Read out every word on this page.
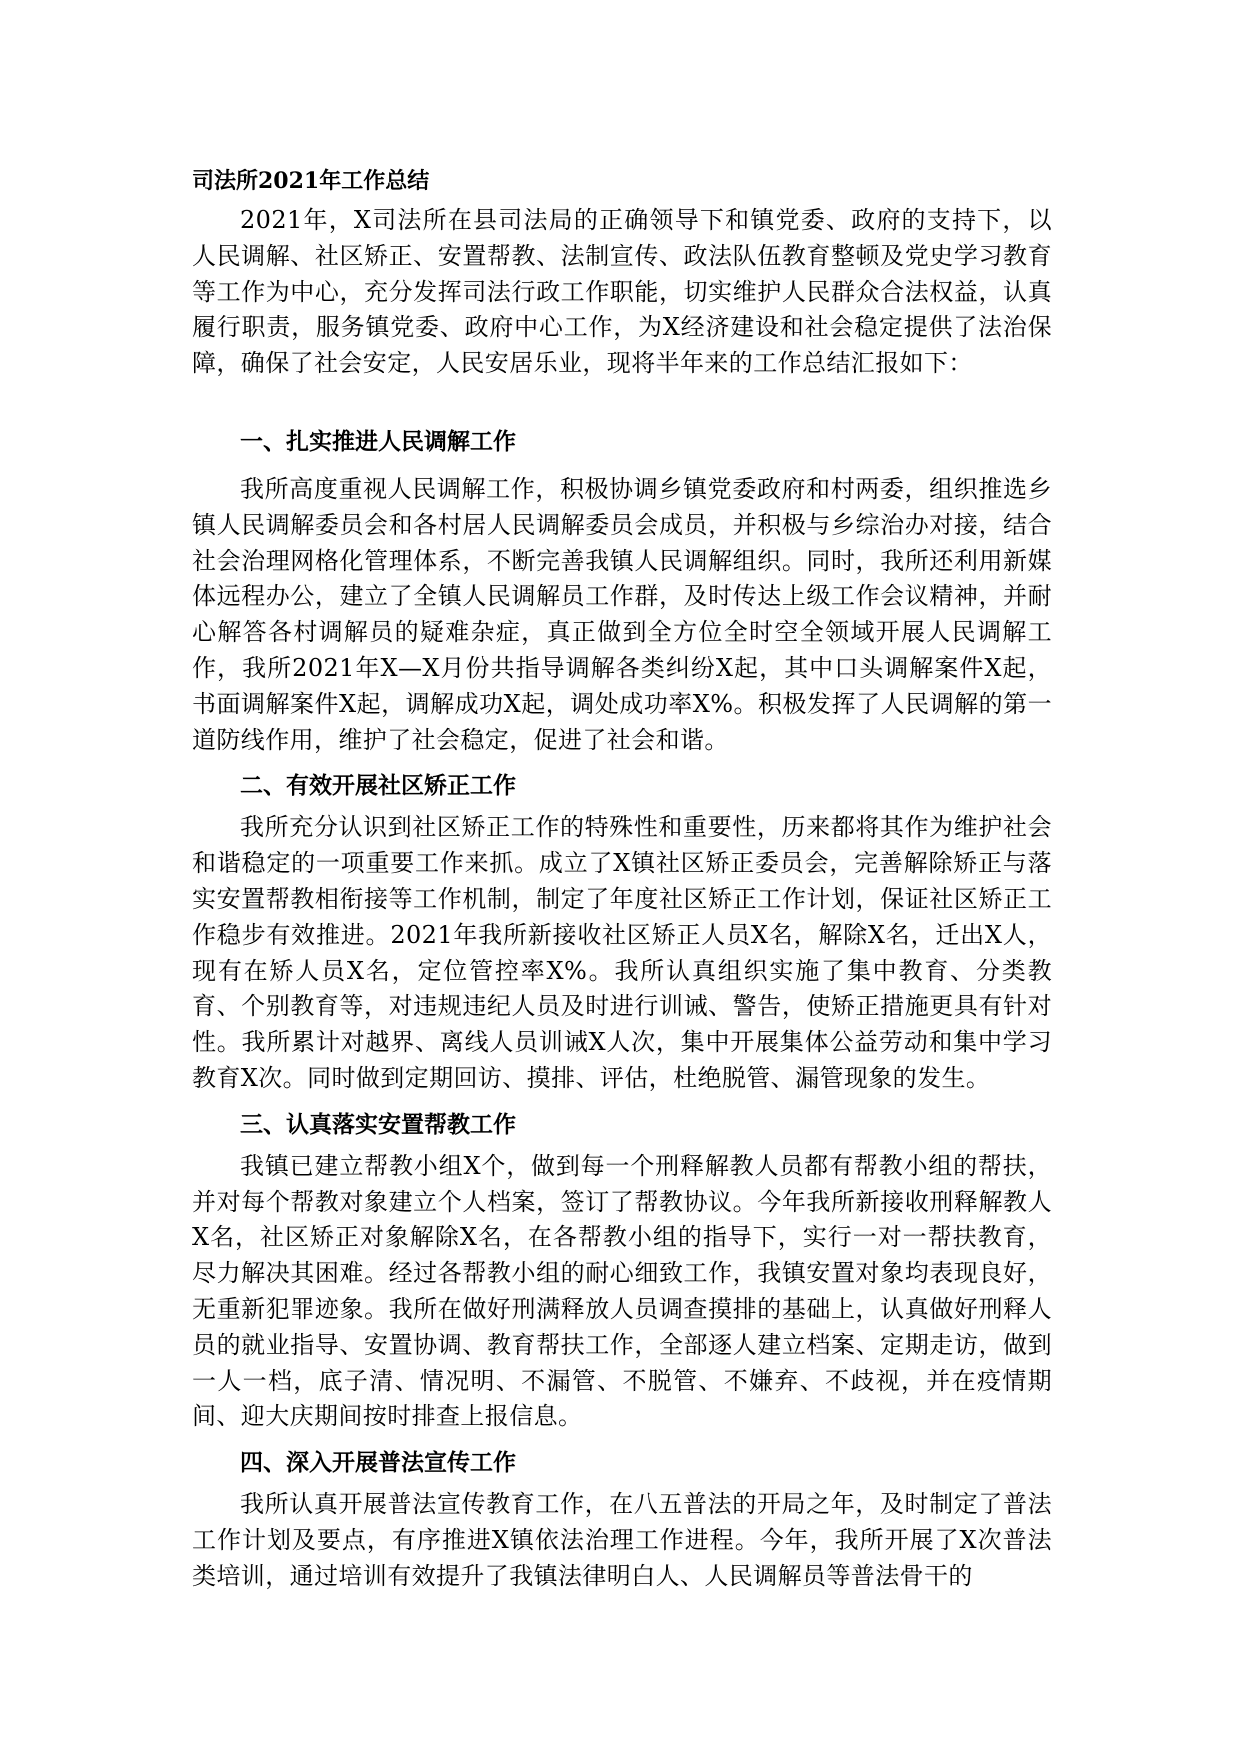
司法所2021年工作总结

2021年，X司法所在县司法局的正确领导下和镇党委、政府的支持下，以人民调解、社区矫正、安置帮教、法制宣传、政法队伍教育整顿及党史学习教育等工作为中心，充分发挥司法行政工作职能，切实维护人民群众合法权益，认真履行职责，服务镇党委、政府中心工作，为X经济建设和社会稳定提供了法治保障，确保了社会安定，人民安居乐业，现将半年来的工作总结汇报如下：

一、扎实推进人民调解工作

我所高度重视人民调解工作，积极协调乡镇党委政府和村两委，组织推选乡镇人民调解委员会和各村居人民调解委员会成员，并积极与乡综治办对接，结合社会治理网格化管理体系，不断完善我镇人民调解组织。同时，我所还利用新媒体远程办公，建立了全镇人民调解员工作群，及时传达上级工作会议精神，并耐心解答各村调解员的疑难杂症，真正做到全方位全时空全领域开展人民调解工作，我所2021年X—X月份共指导调解各类纠纷X起，其中口头调解案件X起，书面调解案件X起，调解成功X起，调处成功率X%。积极发挥了人民调解的第一道防线作用，维护了社会稳定，促进了社会和谐。

二、有效开展社区矫正工作

我所充分认识到社区矫正工作的特殊性和重要性，历来都将其作为维护社会和谐稳定的一项重要工作来抓。成立了X镇社区矫正委员会，完善解除矫正与落实安置帮教相衔接等工作机制，制定了年度社区矫正工作计划，保证社区矫正工作稳步有效推进。2021年我所新接收社区矫正人员X名，解除X名，迁出X人，现有在矫人员X名，定位管控率X%。我所认真组织实施了集中教育、分类教育、个别教育等，对违规违纪人员及时进行训诫、警告，使矫正措施更具有针对性。我所累计对越界、离线人员训诫X人次，集中开展集体公益劳动和集中学习教育X次。同时做到定期回访、摸排、评估，杜绝脱管、漏管现象的发生。

三、认真落实安置帮教工作

我镇已建立帮教小组X个，做到每一个刑释解教人员都有帮教小组的帮扶，并对每个帮教对象建立个人档案，签订了帮教协议。今年我所新接收刑释解教人X名，社区矫正对象解除X名，在各帮教小组的指导下，实行一对一帮扶教育，尽力解决其困难。经过各帮教小组的耐心细致工作，我镇安置对象均表现良好，无重新犯罪迹象。我所在做好刑满释放人员调查摸排的基础上，认真做好刑释人员的就业指导、安置协调、教育帮扶工作，全部逐人建立档案、定期走访，做到一人一档，底子清、情况明、不漏管、不脱管、不嫌弃、不歧视，并在疫情期间、迎大庆期间按时排查上报信息。

四、深入开展普法宣传工作

我所认真开展普法宣传教育工作，在八五普法的开局之年，及时制定了普法工作计划及要点，有序推进X镇依法治理工作进程。今年，我所开展了X次普法类培训，通过培训有效提升了我镇法律明白人、人民调解员等普法骨干的
